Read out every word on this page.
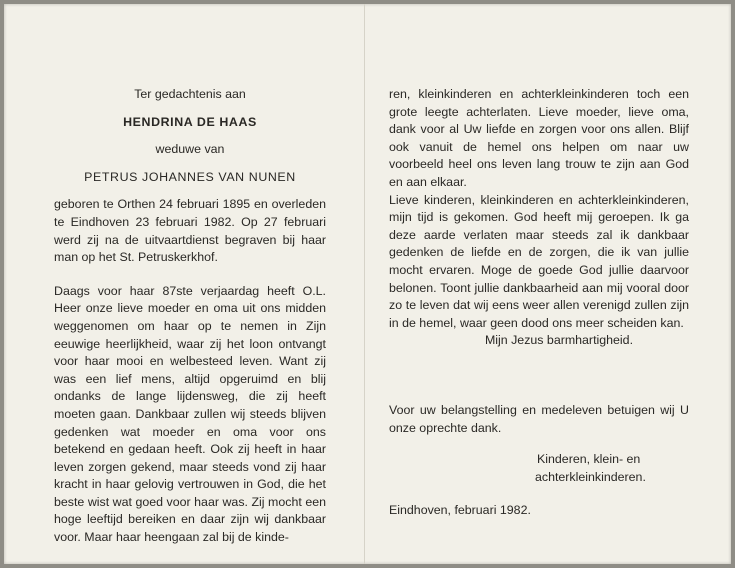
Ter gedachtenis aan

HENDRINA DE HAAS

weduwe van

PETRUS JOHANNES VAN NUNEN

geboren te Orthen 24 februari 1895 en overleden te Eindhoven 23 februari 1982. Op 27 februari werd zij na de uitvaartdienst begraven bij haar man op het St. Petruskerkhof.

Daags voor haar 87ste verjaardag heeft O.L. Heer onze lieve moeder en oma uit ons midden weggenomen om haar op te nemen in Zijn eeuwige heerlijkheid, waar zij het loon ontvangt voor haar mooi en welbesteed leven. Want zij was een lief mens, altijd opgeruimd en blij ondanks de lange lijdensweg, die zij heeft moeten gaan. Dankbaar zullen wij steeds blijven gedenken wat moeder en oma voor ons betekend en gedaan heeft. Ook zij heeft in haar leven zorgen gekend, maar steeds vond zij haar kracht in haar gelovig vertrouwen in God, die het beste wist wat goed voor haar was. Zij mocht een hoge leeftijd bereiken en daar zijn wij dankbaar voor. Maar haar heengaan zal bij de kinde-

ren, kleinkinderen en achterkleinkinderen toch een grote leegte achterlaten. Lieve moeder, lieve oma, dank voor al Uw liefde en zorgen voor ons allen. Blijf ook vanuit de hemel ons helpen om naar uw voorbeeld heel ons leven lang trouw te zijn aan God en aan elkaar.

Lieve kinderen, kleinkinderen en achterkleinkinderen, mijn tijd is gekomen. God heeft mij geroepen. Ik ga deze aarde verlaten maar steeds zal ik dankbaar gedenken de liefde en de zorgen, die ik van jullie mocht ervaren. Moge de goede God jullie daarvoor belonen. Toont jullie dankbaarheid aan mij vooral door zo te leven dat wij eens weer allen verenigd zullen zijn in de hemel, waar geen dood ons meer scheiden kan.

Mijn Jezus barmhartigheid.

Voor uw belangstelling en medeleven betuigen wij U onze oprechte dank.

Kinderen, klein- en

achterkleinkinderen.

Eindhoven, februari 1982.
